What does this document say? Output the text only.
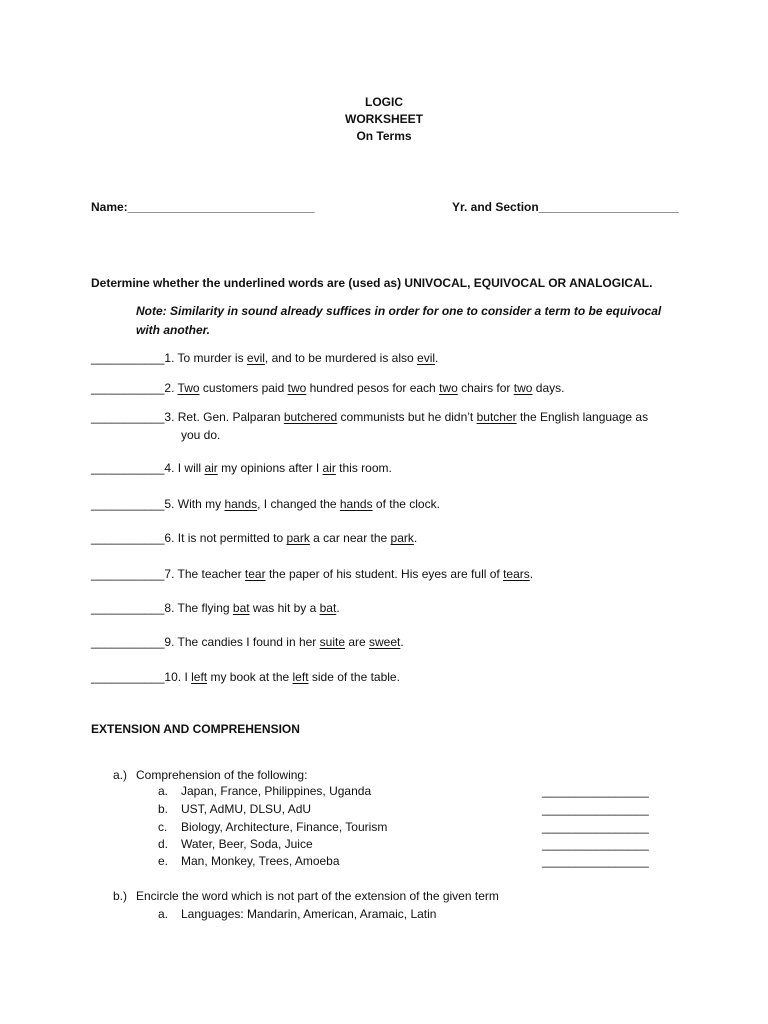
LOGIC
WORKSHEET
On Terms
Name:____________________________	Yr. and Section_____________________
Determine whether the underlined words are (used as) UNIVOCAL, EQUIVOCAL OR ANALOGICAL.
Note: Similarity in sound already suffices in order for one to consider a term to be equivocal
with another.
___________1. To murder is evil, and to be murdered is also evil.
___________2. Two customers paid two hundred pesos for each two chairs for two days.
___________3. Ret. Gen. Palparan butchered communists but he didn’t butcher the English language as
you do.
___________4. I will air my opinions after I air this room.
___________5. With my hands, I changed the hands of the clock.
___________6. It is not permitted to park a car near the park.
___________7. The teacher tear the paper of his student. His eyes are full of tears.
___________8. The flying bat was hit by a bat.
___________9. The candies I found in her suite are sweet.
___________10. I left my book at the left side of the table.
EXTENSION AND COMPREHENSION
a.) Comprehension of the following:
a. Japan, France, Philippines, Uganda	________________
b. UST, AdMU, DLSU, AdU	________________
c. Biology, Architecture, Finance, Tourism	________________
d. Water, Beer, Soda, Juice	________________
e. Man, Monkey, Trees, Amoeba	________________
b.) Encircle the word which is not part of the extension of the given term
a. Languages: Mandarin, American, Aramaic, Latin
